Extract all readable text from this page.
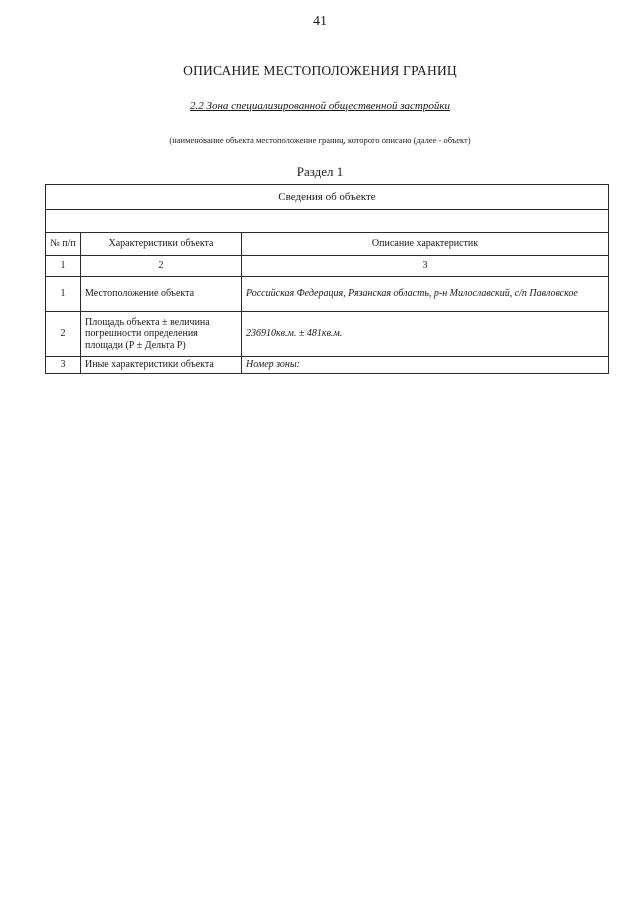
41
ОПИСАНИЕ МЕСТОПОЛОЖЕНИЯ ГРАНИЦ
2.2 Зона специализированной общественной застройки
(наименование объекта местоположение границ, которого описано (далее - объект)
Раздел 1
Сведения об объекте		

№ п/п	Характеристики объекта	Описание характеристик
1	2	3
1	Местоположение объекта	Российская Федерация, Рязанская область, р-н Милославский, с/п Павловское
2	Площадь объекта ± величина погрешности определения площади (Р ± Дельта Р)	236910кв.м. ± 481кв.м.
3	Иные характеристики объекта	Номер зоны:
